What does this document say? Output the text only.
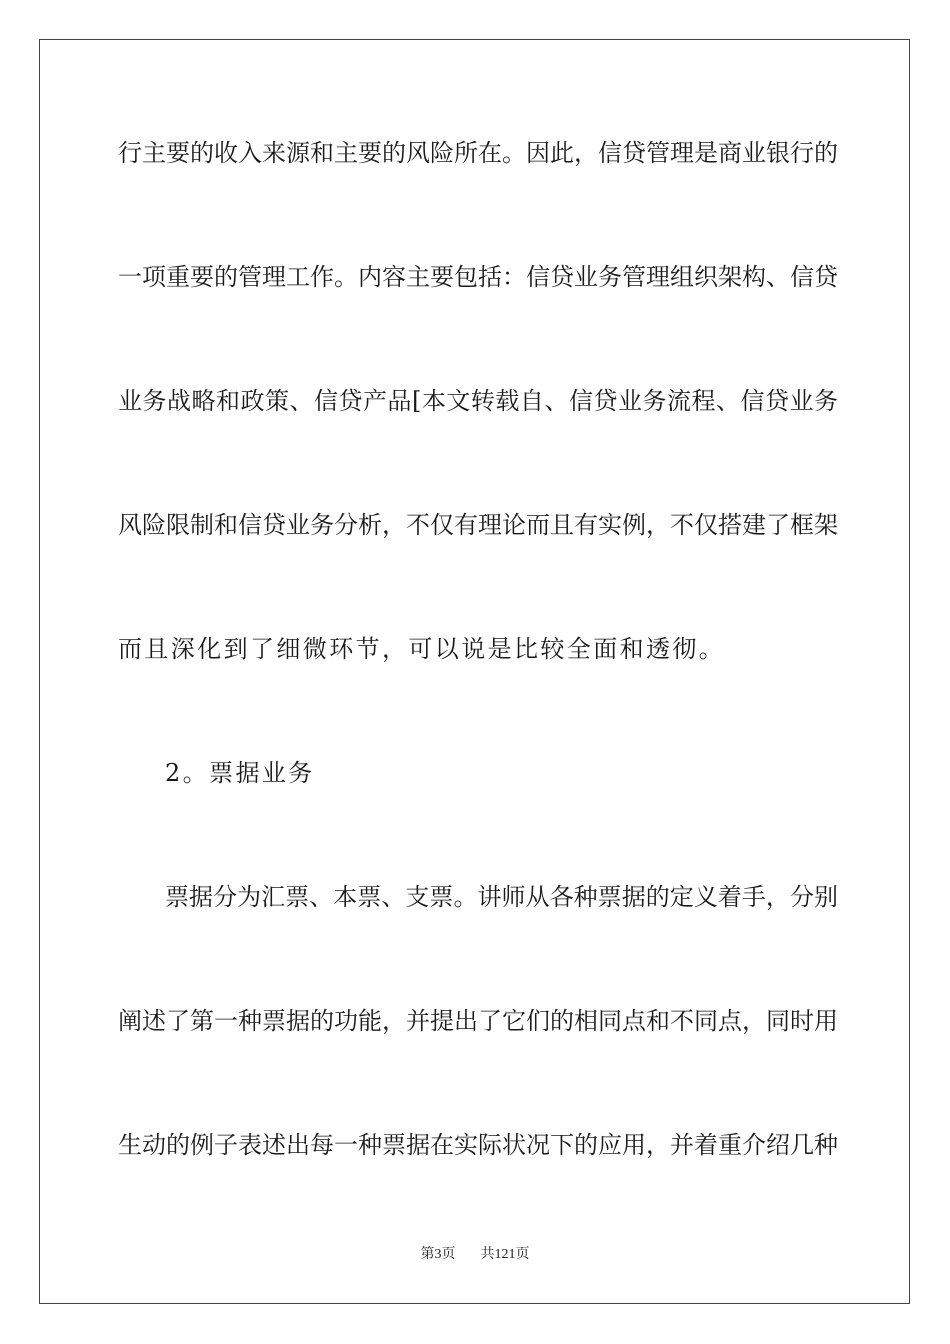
行主要的收入来源和主要的风险所在。因此，信贷管理是商业银行的
一项重要的管理工作。内容主要包括：信贷业务管理组织架构、信贷
业务战略和政策、信贷产品[本文转载自、信贷业务流程、信贷业务
风险限制和信贷业务分析，不仅有理论而且有实例，不仅搭建了框架
而且深化到了细微环节，可以说是比较全面和透彻。
2。票据业务
票据分为汇票、本票、支票。讲师从各种票据的定义着手，分别
阐述了第一种票据的功能，并提出了它们的相同点和不同点，同时用
生动的例子表述出每一种票据在实际状况下的应用，并着重介绍几种
第3页 共121页
